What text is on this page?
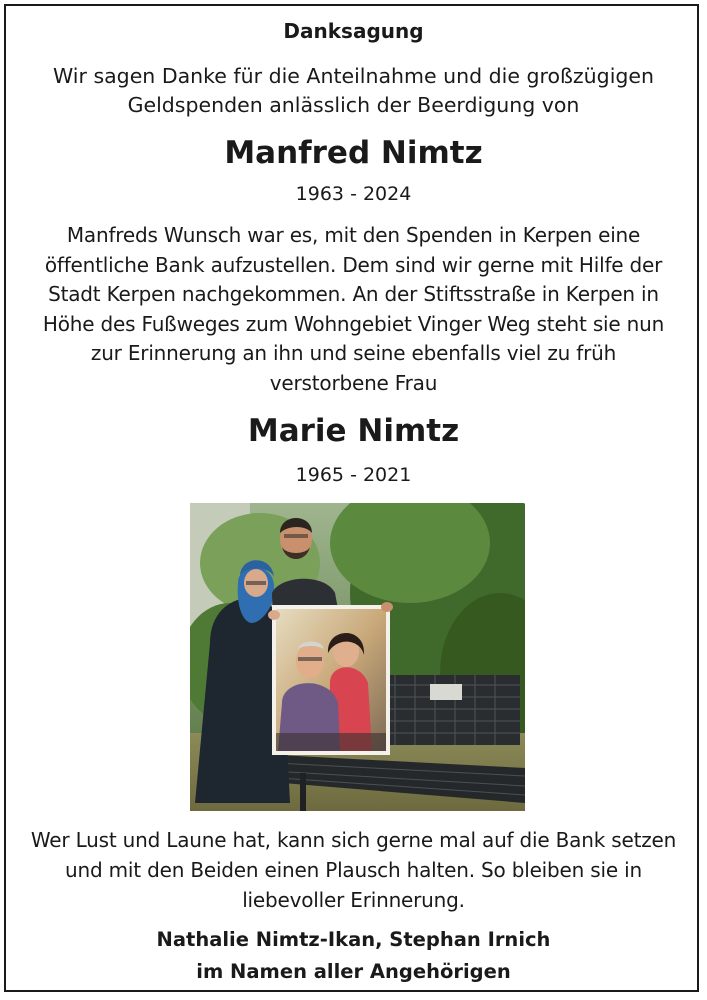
Danksagung

Wir sagen Danke für die Anteilnahme und die großzügigen
Geldspenden anlässlich der Beerdigung von

Manfred Nimtz

1963 - 2024

Manfreds Wunsch war es, mit den Spenden in Kerpen eine
öffentliche Bank aufzustellen. Dem sind wir gerne mit Hilfe der
Stadt Kerpen nachgekommen. An der Stiftsstraße in Kerpen in
Höhe des Fußweges zum Wohngebiet Vinger Weg steht sie nun
zur Erinnerung an ihn und seine ebenfalls viel zu früh
verstorbene Frau

Marie Nimtz

1965 - 2021

Wer Lust und Laune hat, kann sich gerne mal auf die Bank setzen
und mit den Beiden einen Plausch halten. So bleiben sie in
liebevoller Erinnerung.

Nathalie Nimtz-Ikan, Stephan Irnich
im Namen aller Angehörigen
